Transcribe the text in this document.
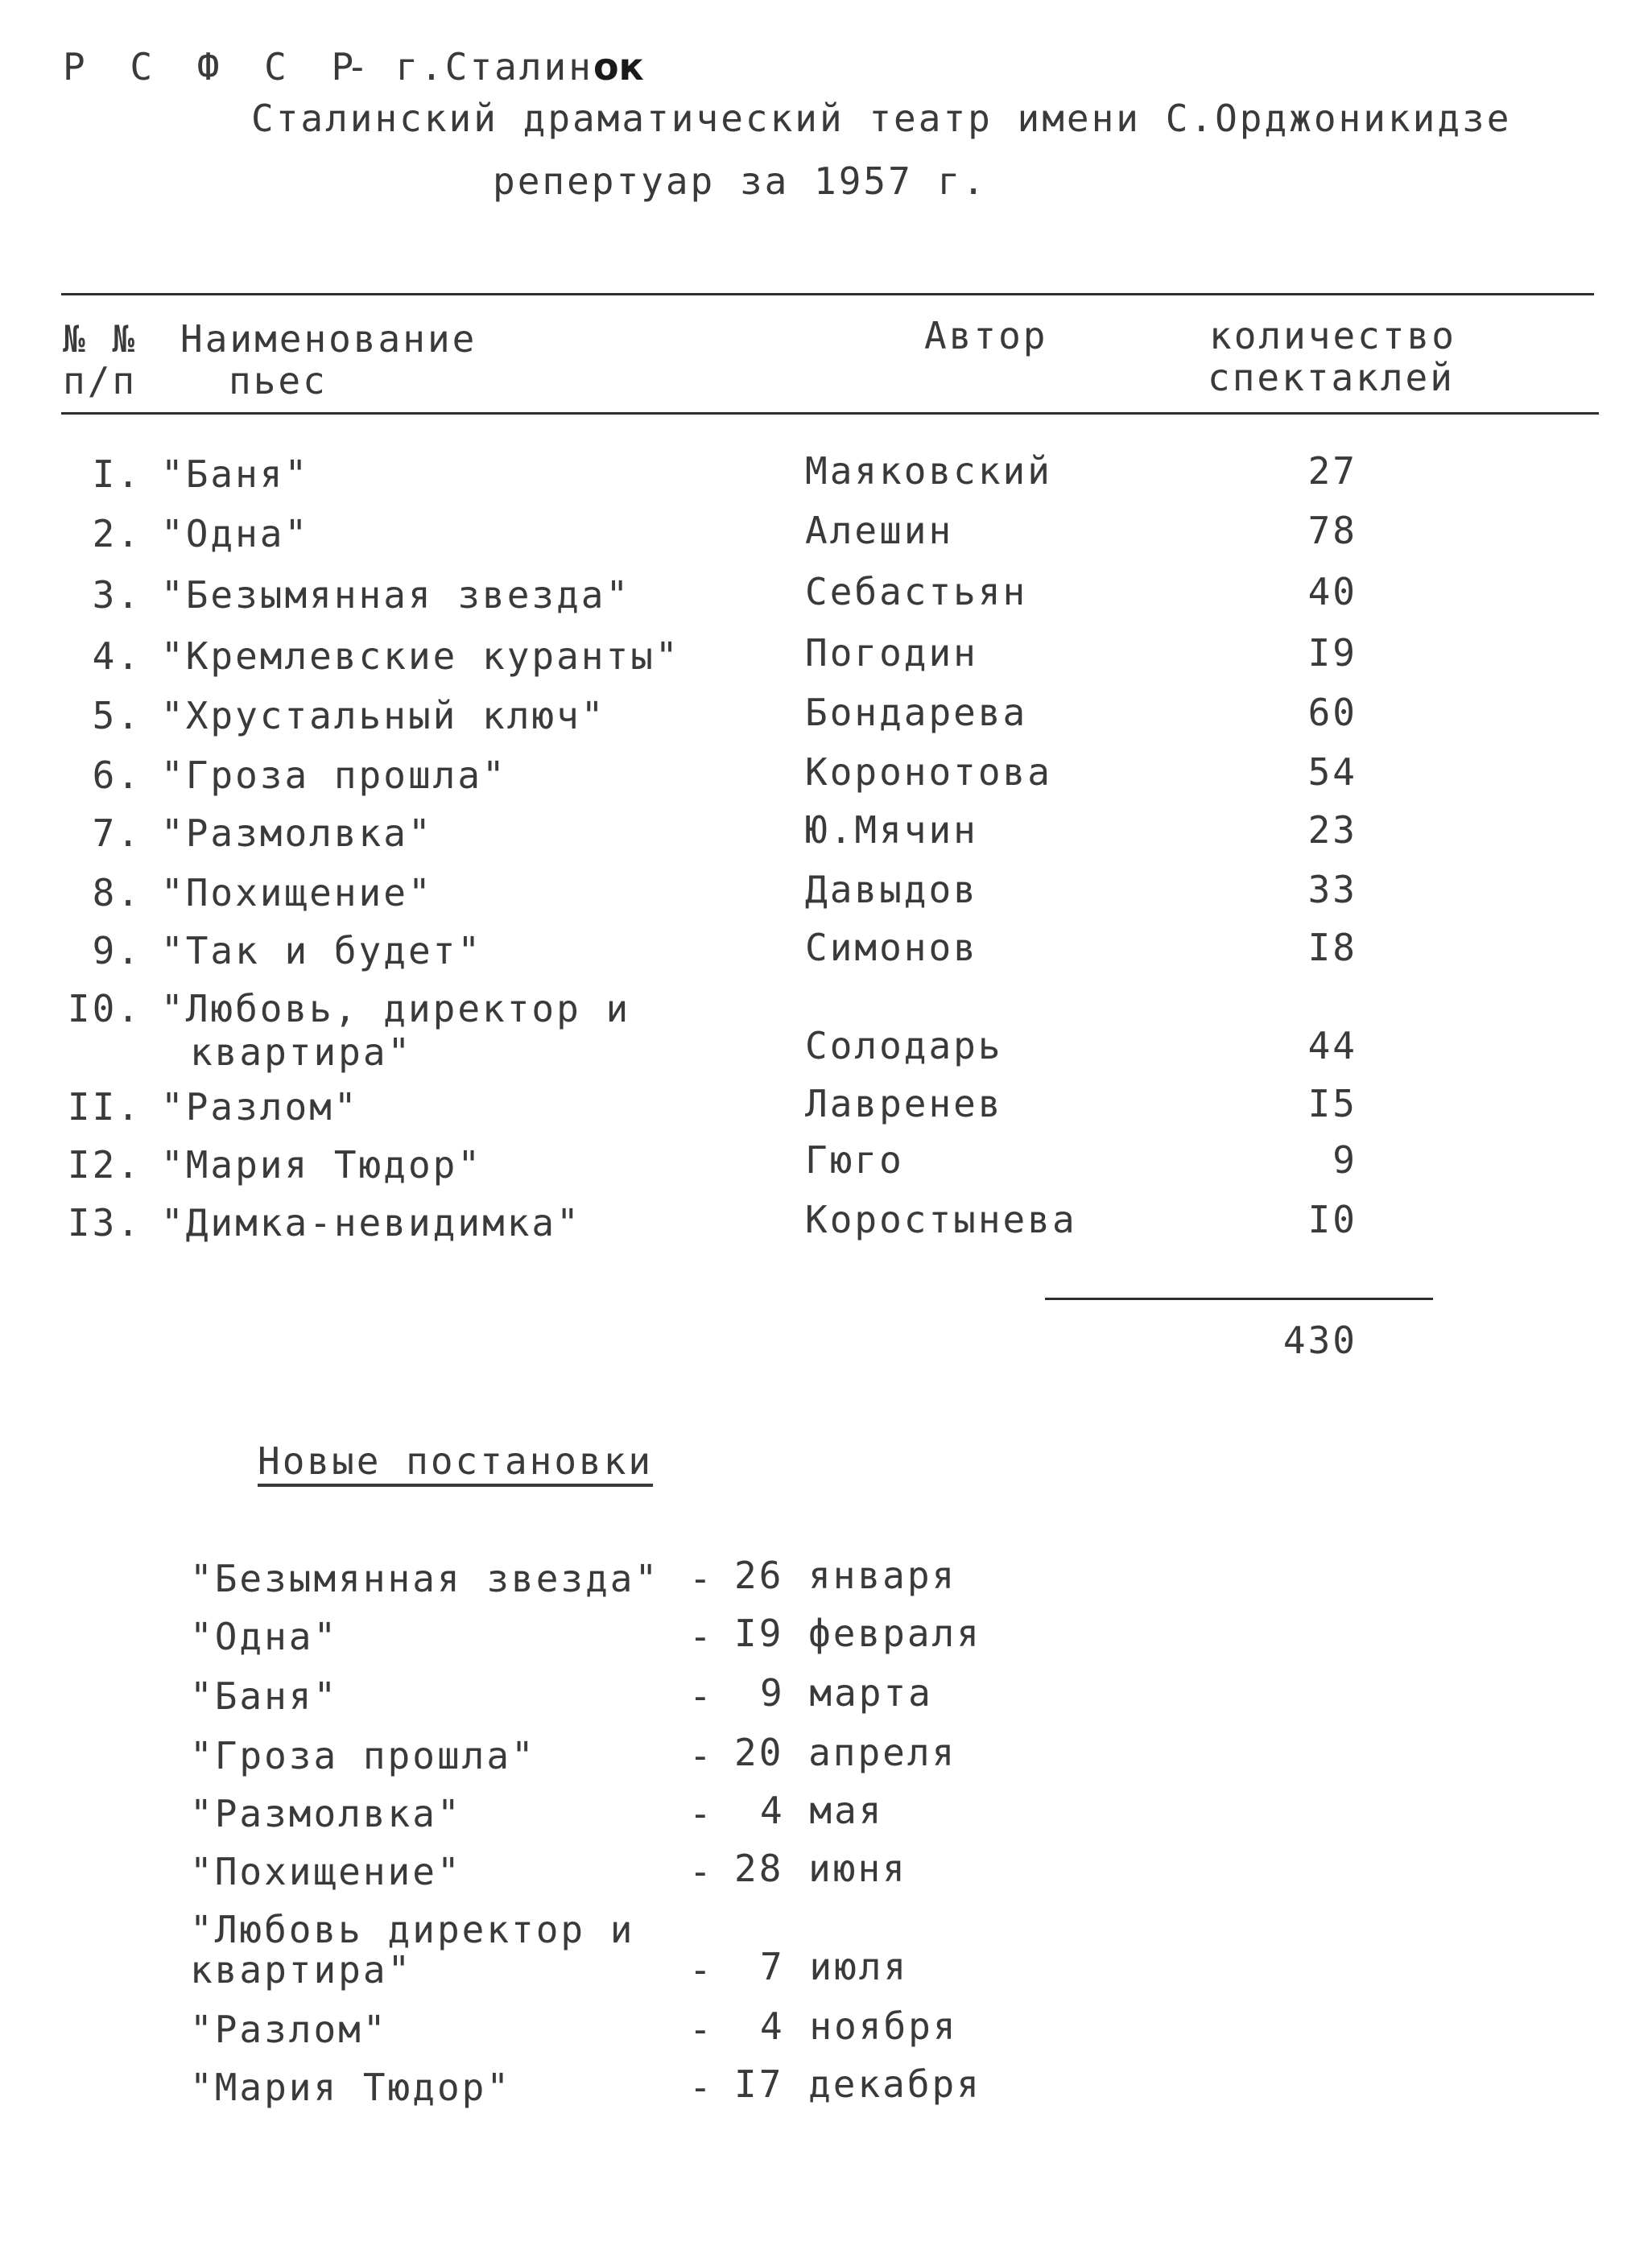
Р С Ф С Р
- г.Сталинок
Сталинский драматический театр имени С.Орджоникидзе
репертуар за 1957 г.
№ №
п/п
Наименование
пьес
Автор	количество
спектаклей
I. "Баня"	Маяковский	27
2. "Одна"	Алешин	78
3. "Безымянная звезда"	Себастьян	40
4. "Кремлевские куранты"	Погодин	I9
5. "Хрустальный ключ"	Бондарева	60
6. "Гроза прошла"	Коронотова	54
7. "Размолвка"	Ю.Мячин	23
8. "Похищение"	Давыдов	33
9. "Так и будет"	Симонов	I8
I0. "Любовь, директор и
квартира"	Солодарь	44
II. "Разлом"	Лавренев	I5
I2. "Мария Тюдор"	Гюго	9
I3. "Димка-невидимка"	Коростынева	I0
430
Новые постановки
"Безымянная звезда" - 26 января
"Одна"	- I9 февраля
"Баня"	- 9 марта
"Гроза прошла"	- 20 апреля
"Размолвка"	- 4 мая
"Похищение"	- 28 июня
"Любовь директор и
квартира"	- 7 июля
"Разлом"	- 4 ноября
"Мария Тюдор"	- I7 декабря
